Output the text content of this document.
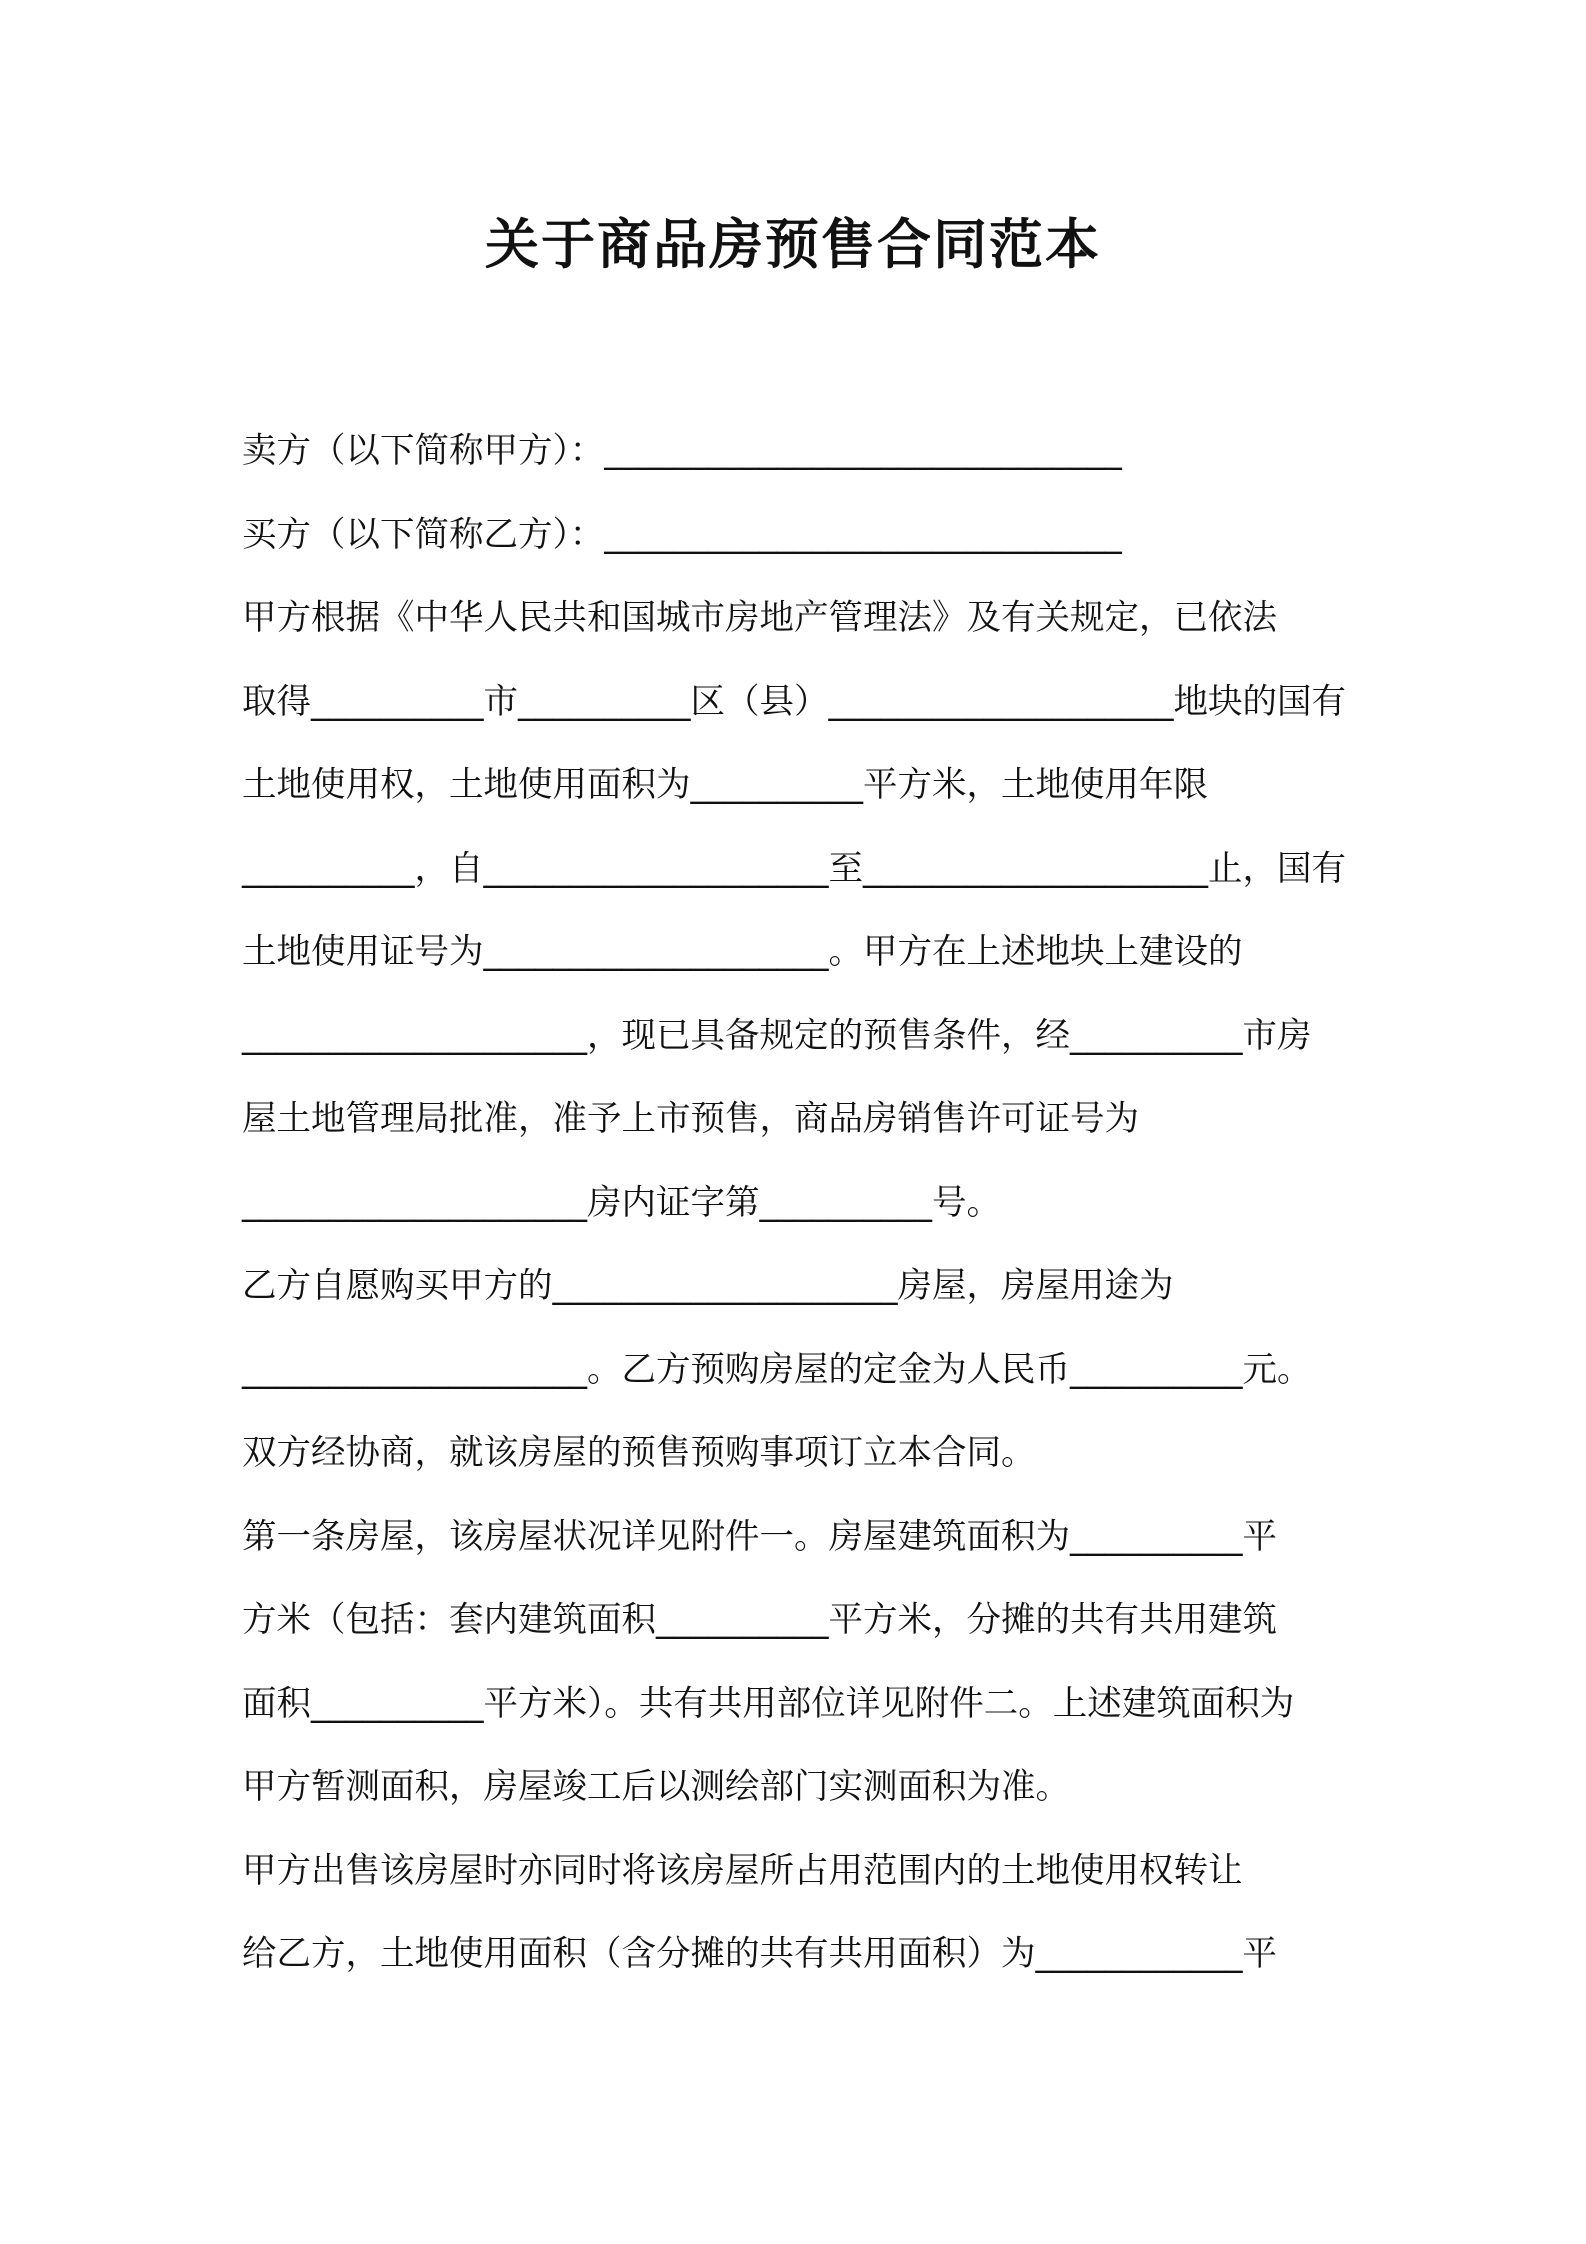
关于商品房预售合同范本
卖方（以下简称甲方）：______________________________
买方（以下简称乙方）：______________________________
甲方根据《中华人民共和国城市房地产管理法》及有关规定，已依法
取得__________市__________区（县）____________________地块的国有
土地使用权，土地使用面积为__________平方米，土地使用年限
__________，自____________________至____________________止，国有
土地使用证号为____________________。甲方在上述地块上建设的
____________________，现已具备规定的预售条件，经__________市房
屋土地管理局批准，准予上市预售，商品房销售许可证号为
____________________房内证字第__________号。
乙方自愿购买甲方的____________________房屋，房屋用途为
____________________。乙方预购房屋的定金为人民币__________元。
双方经协商，就该房屋的预售预购事项订立本合同。
第一条房屋，该房屋状况详见附件一。房屋建筑面积为__________平
方米（包括：套内建筑面积__________平方米，分摊的共有共用建筑
面积__________平方米）。共有共用部位详见附件二。上述建筑面积为
甲方暂测面积，房屋竣工后以测绘部门实测面积为准。
甲方出售该房屋时亦同时将该房屋所占用范围内的土地使用权转让
给乙方，土地使用面积（含分摊的共有共用面积）为____________平
